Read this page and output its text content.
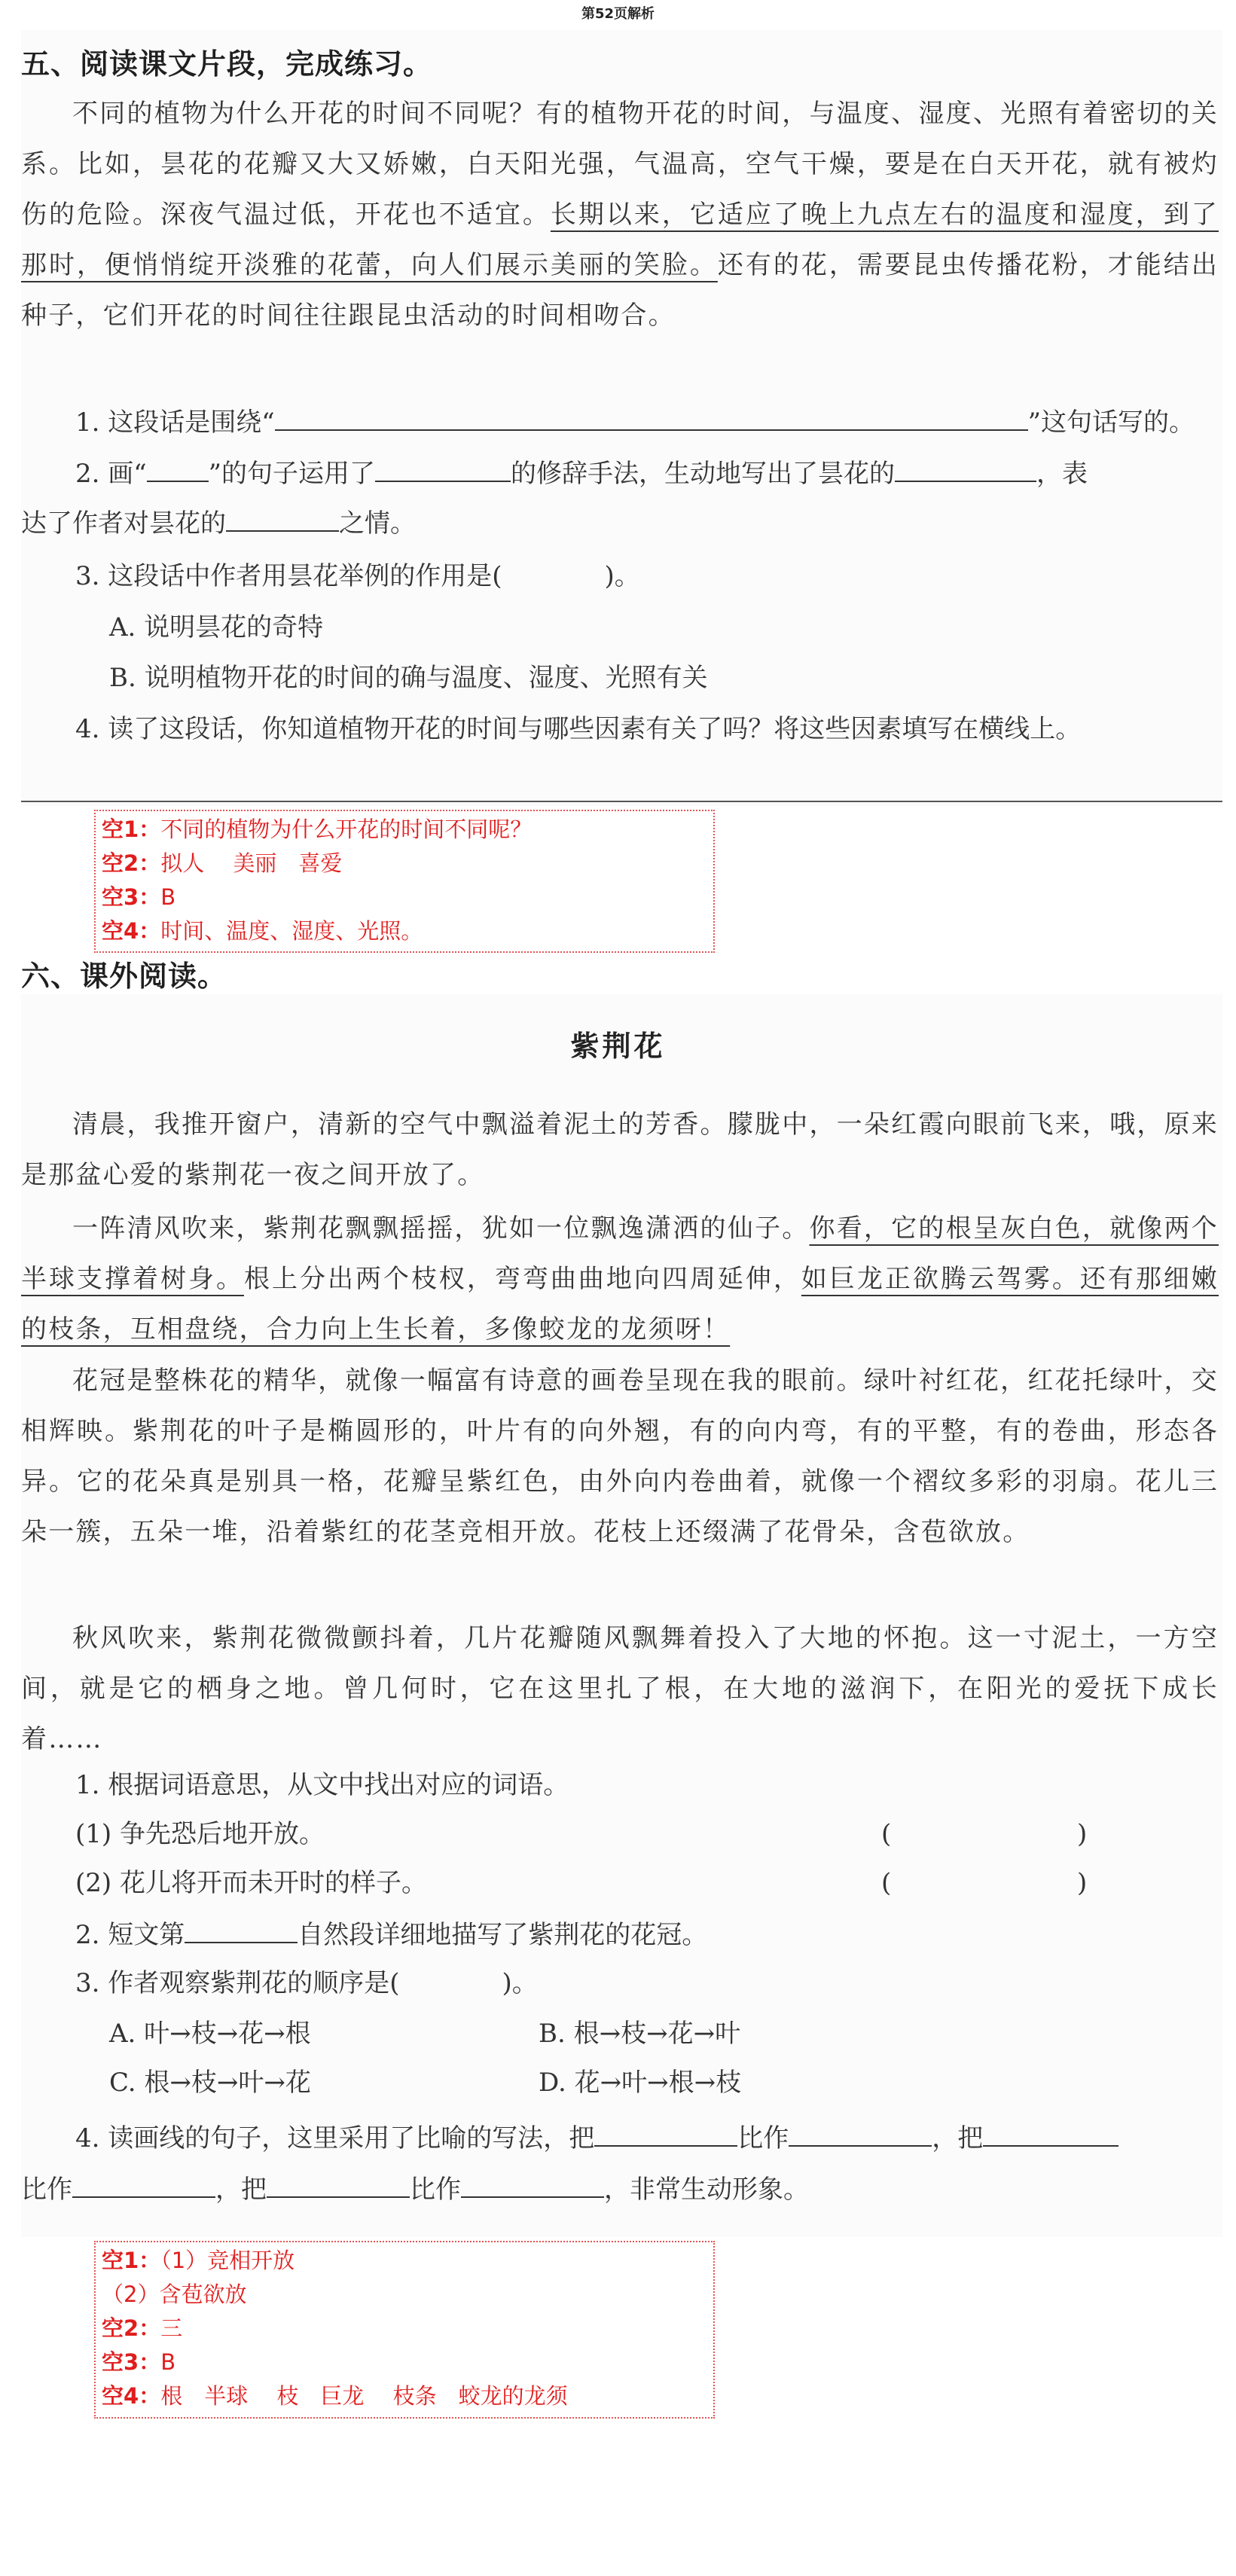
第52页解析
五、阅读课文片段，完成练习。

不同的植物为什么开花的时间不同呢？有的植物开花的时间，与温度、湿度、光照有着密切的关系。比如，昙花的花瓣又大又娇嫩，白天阳光强，气温高，空气干燥，要是在白天开花，就有被灼伤的危险。深夜气温过低，开花也不适宜。长期以来，它适应了晚上九点左右的温度和湿度，到了那时，便悄悄绽开淡雅的花蕾，向人们展示美丽的笑脸。还有的花，需要昆虫传播花粉，才能结出种子，它们开花的时间往往跟昆虫活动的时间相吻合。

1. 这段话是围绕“	”这句话写的。
2. 画“ ”的句子运用了	的修辞手法，生动地写出了昙花的	，表
达了作者对昙花的	之情。
3. 这段话中作者用昙花举例的作用是(　　　　)。
A. 说明昙花的奇特
B. 说明植物开花的时间的确与温度、湿度、光照有关
4. 读了这段话，你知道植物开花的时间与哪些因素有关了吗？将这些因素填写在横线上。
空1：不同的植物为什么开花的时间不同呢？
空2：拟人　 美丽　喜爱
空3：B
空4：时间、温度、湿度、光照。
六、课外阅读。
紫荆花

清晨，我推开窗户，清新的空气中飘溢着泥土的芳香。朦胧中，一朵红霞向眼前飞来，哦，原来是那盆心爱的紫荆花一夜之间开放了。

一阵清风吹来，紫荆花飘飘摇摇，犹如一位飘逸潇洒的仙子。你看，它的根呈灰白色，就像两个半球支撑着树身。根上分出两个枝杈，弯弯曲曲地向四周延伸，如巨龙正欲腾云驾雾。还有那细嫩的枝条，互相盘绕，合力向上生长着，多像蛟龙的龙须呀！

花冠是整株花的精华，就像一幅富有诗意的画卷呈现在我的眼前。绿叶衬红花，红花托绿叶，交相辉映。紫荆花的叶子是椭圆形的，叶片有的向外翘，有的向内弯，有的平整，有的卷曲，形态各异。它的花朵真是别具一格，花瓣呈紫红色，由外向内卷曲着，就像一个褶纹多彩的羽扇。花儿三朵一簇，五朵一堆，沿着紫红的花茎竞相开放。花枝上还缀满了花骨朵，含苞欲放。

秋风吹来，紫荆花微微颤抖着，几片花瓣随风飘舞着投入了大地的怀抱。这一寸泥土，一方空间，就是它的栖身之地。曾几何时，它在这里扎了根，在大地的滋润下，在阳光的爱抚下成长着……

1. 根据词语意思，从文中找出对应的词语。
(1) 争先恐后地开放。	(	)
(2) 花儿将开而未开时的样子。	(	)
2. 短文第	自然段详细地描写了紫荆花的花冠。
3. 作者观察紫荆花的顺序是(　　　　)。
A. 叶→枝→花→根	B. 根→枝→花→叶
C. 根→枝→叶→花	D. 花→叶→根→枝
4. 读画线的句子，这里采用了比喻的写法，把	比作	，把
比作	，把	比作	，非常生动形象。
空1：（1）竞相开放
（2）含苞欲放
空2：三
空3：B
空4：根　半球　 枝　巨龙　 枝条　蛟龙的龙须
